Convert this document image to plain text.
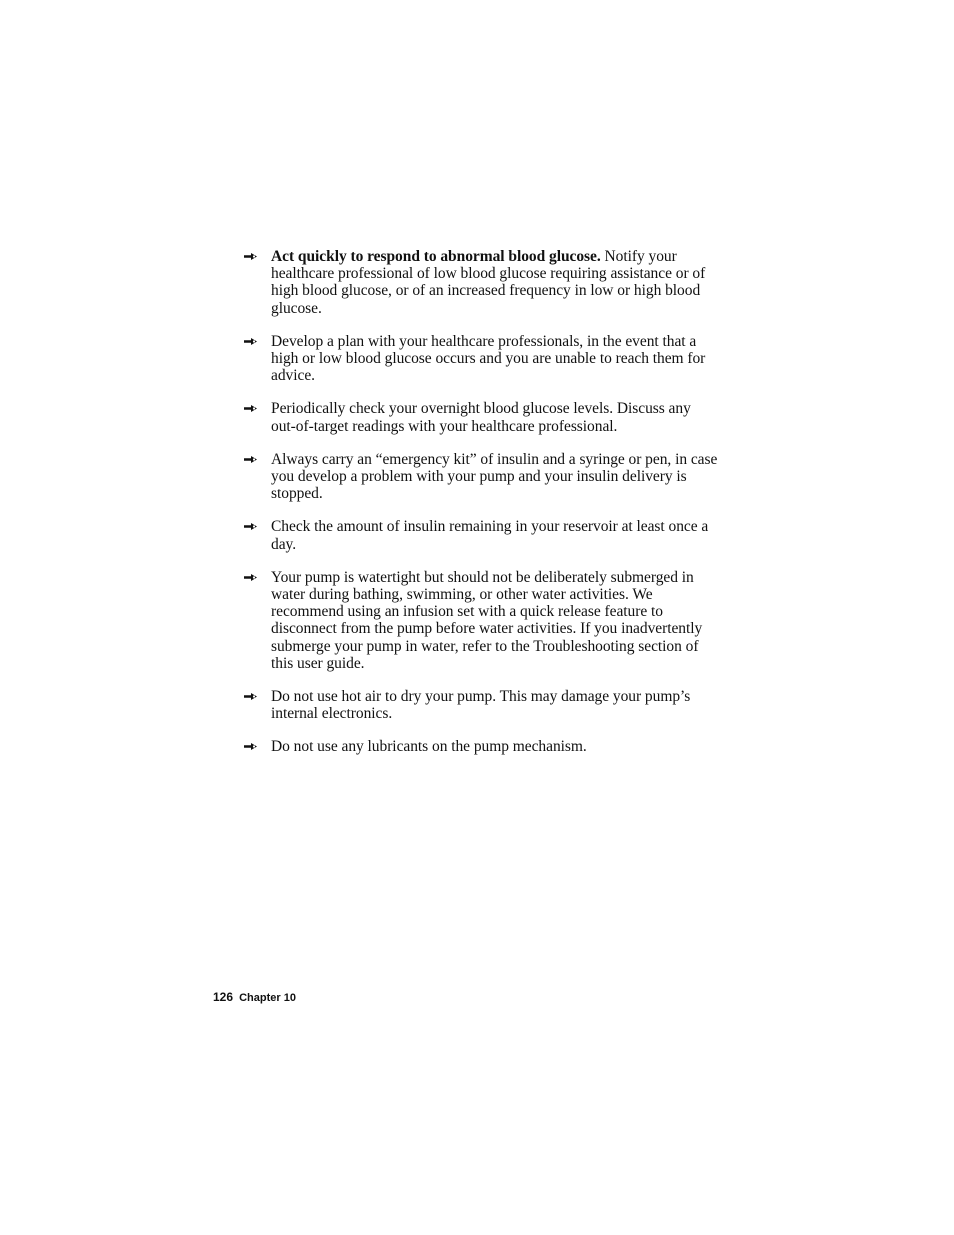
Act quickly to respond to abnormal blood glucose. Notify your healthcare professional of low blood glucose requiring assistance or of high blood glucose, or of an increased frequency in low or high blood glucose.
Develop a plan with your healthcare professionals, in the event that a high or low blood glucose occurs and you are unable to reach them for advice.
Periodically check your overnight blood glucose levels. Discuss any out-of-target readings with your healthcare professional.
Always carry an “emergency kit” of insulin and a syringe or pen, in case you develop a problem with your pump and your insulin delivery is stopped.
Check the amount of insulin remaining in your reservoir at least once a day.
Your pump is watertight but should not be deliberately submerged in water during bathing, swimming, or other water activities. We recommend using an infusion set with a quick release feature to disconnect from the pump before water activities. If you inadvertently submerge your pump in water, refer to the Troubleshooting section of this user guide.
Do not use hot air to dry your pump. This may damage your pump’s internal electronics.
Do not use any lubricants on the pump mechanism.
126 Chapter 10
